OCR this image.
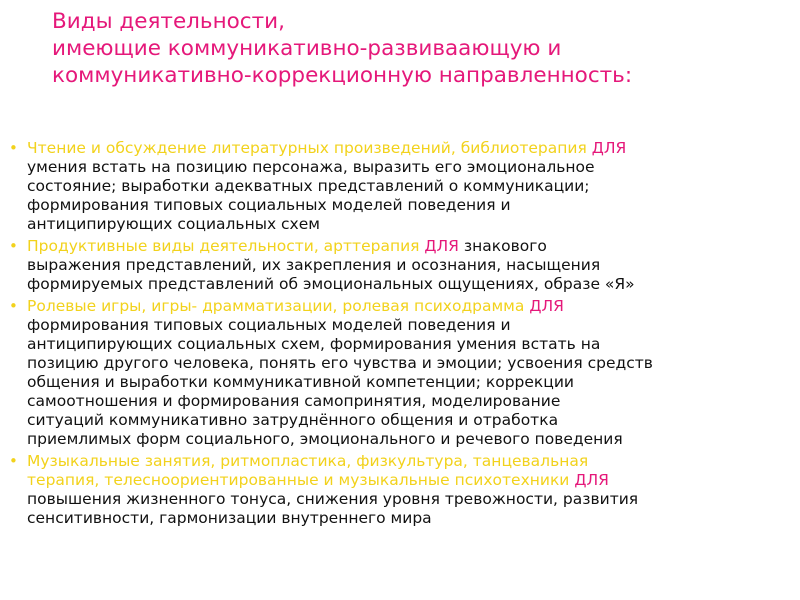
Виды деятельности,
имеющие коммуникативно-развиваающую и
коммуникативно-коррекционную направленность:
• Чтение и обсуждение литературных произведений, библиотерапия ДЛЯ
умения встать на позицию персонажа, выразить его эмоциональное
состояние; выработки адекватных представлений о коммуникации;
формирования типовых социальных моделей поведения и
антиципирующих социальных схем
• Продуктивные виды деятельности, арттерапия ДЛЯ знакового
выражения представлений, их закрепления и осознания, насыщения
формируемых представлений об эмоциональных ощущениях, образе «Я»
• Ролевые игры, игры- драмматизации, ролевая психодрамма ДЛЯ
формирования типовых социальных моделей поведения и
антиципирующих социальных схем, формирования умения встать на
позицию другого человека, понять его чувства и эмоции; усвоения средств
общения и выработки коммуникативной компетенции; коррекции
самоотношения и формирования самопринятия, моделирование
ситуаций коммуникативно затруднённого общения и отработка
приемлимых форм социального, эмоционального и речевого поведения
• Музыкальные занятия, ритмопластика, физкультура, танцевальная
терапия, телесноориентированные и музыкальные психотехники ДЛЯ
повышения жизненного тонуса, снижения уровня тревожности, развития
сенситивности, гармонизации внутреннего мира
